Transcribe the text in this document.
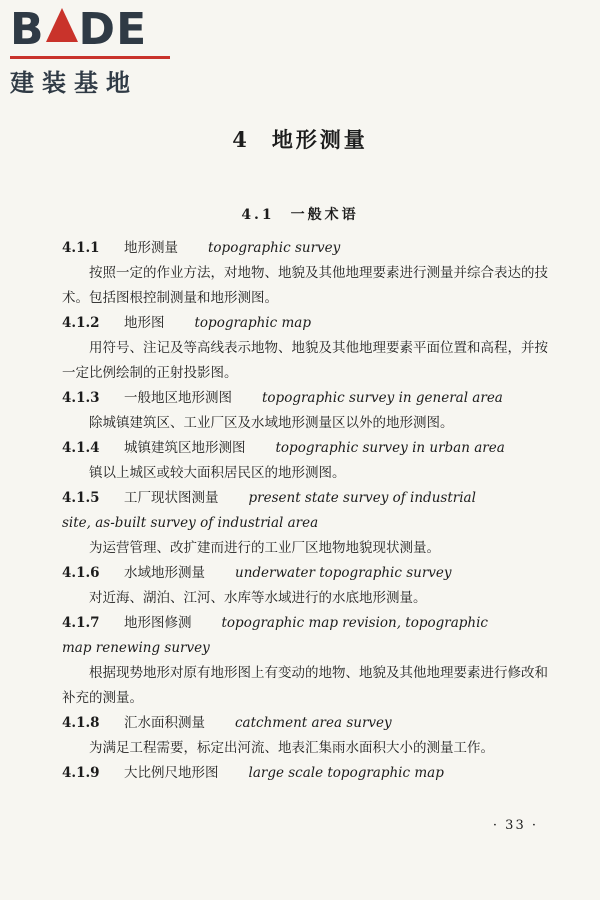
B DE
建装基地
4 地形测量
4.1 一般术语
4.1.1 地形测量 topographic survey
按照一定的作业方法，对地物、地貌及其他地理要素进行测量并综合表达的技术。包括图根控制测量和地形测图。
4.1.2 地形图 topographic map
用符号、注记及等高线表示地物、地貌及其他地理要素平面位置和高程，并按一定比例绘制的正射投影图。
4.1.3 一般地区地形测图 topographic survey in general area
除城镇建筑区、工业厂区及水域地形测量区以外的地形测图。
4.1.4 城镇建筑区地形测图 topographic survey in urban area
镇以上城区或较大面积居民区的地形测图。
4.1.5 工厂现状图测量 present state survey of industrial
site, as-built survey of industrial area
为运营管理、改扩建而进行的工业厂区地物地貌现状测量。
4.1.6 水域地形测量 underwater topographic survey
对近海、湖泊、江河、水库等水域进行的水底地形测量。
4.1.7 地形图修测 topographic map revision, topographic
map renewing survey
根据现势地形对原有地形图上有变动的地物、地貌及其他地理要素进行修改和补充的测量。
4.1.8 汇水面积测量 catchment area survey
为满足工程需要，标定出河流、地表汇集雨水面积大小的测量工作。
4.1.9 大比例尺地形图 large scale topographic map
· 33 ·
